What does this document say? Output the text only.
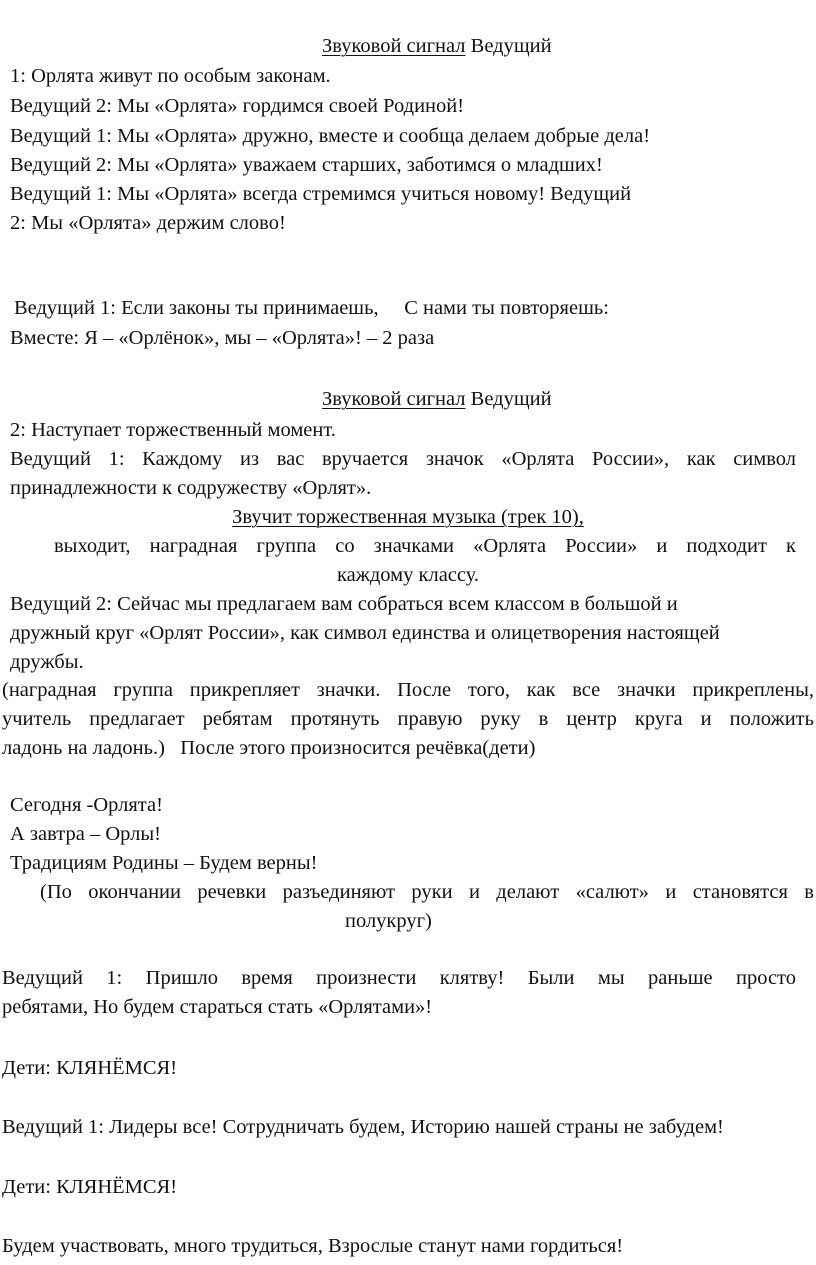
Звуковой сигнал Ведущий
1: Орлята живут по особым законам.
Ведущий 2: Мы «Орлята» гордимся своей Родиной!
Ведущий 1: Мы «Орлята» дружно, вместе и сообща делаем добрые дела!
Ведущий 2: Мы «Орлята» уважаем старших, заботимся о младших!
Ведущий 1: Мы «Орлята» всегда стремимся учиться новому! Ведущий
2: Мы «Орлята» держим слово!
Ведущий 1: Если законы ты принимаешь,     С нами ты повторяешь:
Вместе: Я – «Орлёнок», мы – «Орлята»! – 2 раза
Звуковой сигнал Ведущий
2: Наступает торжественный момент.
Ведущий 1: Каждому из вас вручается значок «Орлята России», как символ
принадлежности к содружеству «Орлят».
Звучит торжественная музыка (трек 10),
выходит, наградная группа со значками «Орлята России» и подходит к
каждому классу.
Ведущий 2: Сейчас мы предлагаем вам собраться всем классом в большой и
дружный круг «Орлят России», как символ единства и олицетворения настоящей
дружбы.
(наградная группа прикрепляет значки. После того, как все значки прикреплены,
учитель предлагает ребятам протянуть правую руку в центр круга и положить
ладонь на ладонь.)   После этого произносится речёвка(дети)
Сегодня -Орлята!
А завтра – Орлы!
Традициям Родины – Будем верны!
(По окончании речевки разъединяют руки и делают «салют» и становятся в
полукруг)
Ведущий 1: Пришло время произнести клятву! Были мы раньше просто
ребятами, Но будем стараться стать «Орлятами»!
Дети: КЛЯНЁМСЯ!
Ведущий 1: Лидеры все! Сотрудничать будем, Историю нашей страны не забудем!
Дети: КЛЯНЁМСЯ!
Будем участвовать, много трудиться, Взрослые станут нами гордиться!
